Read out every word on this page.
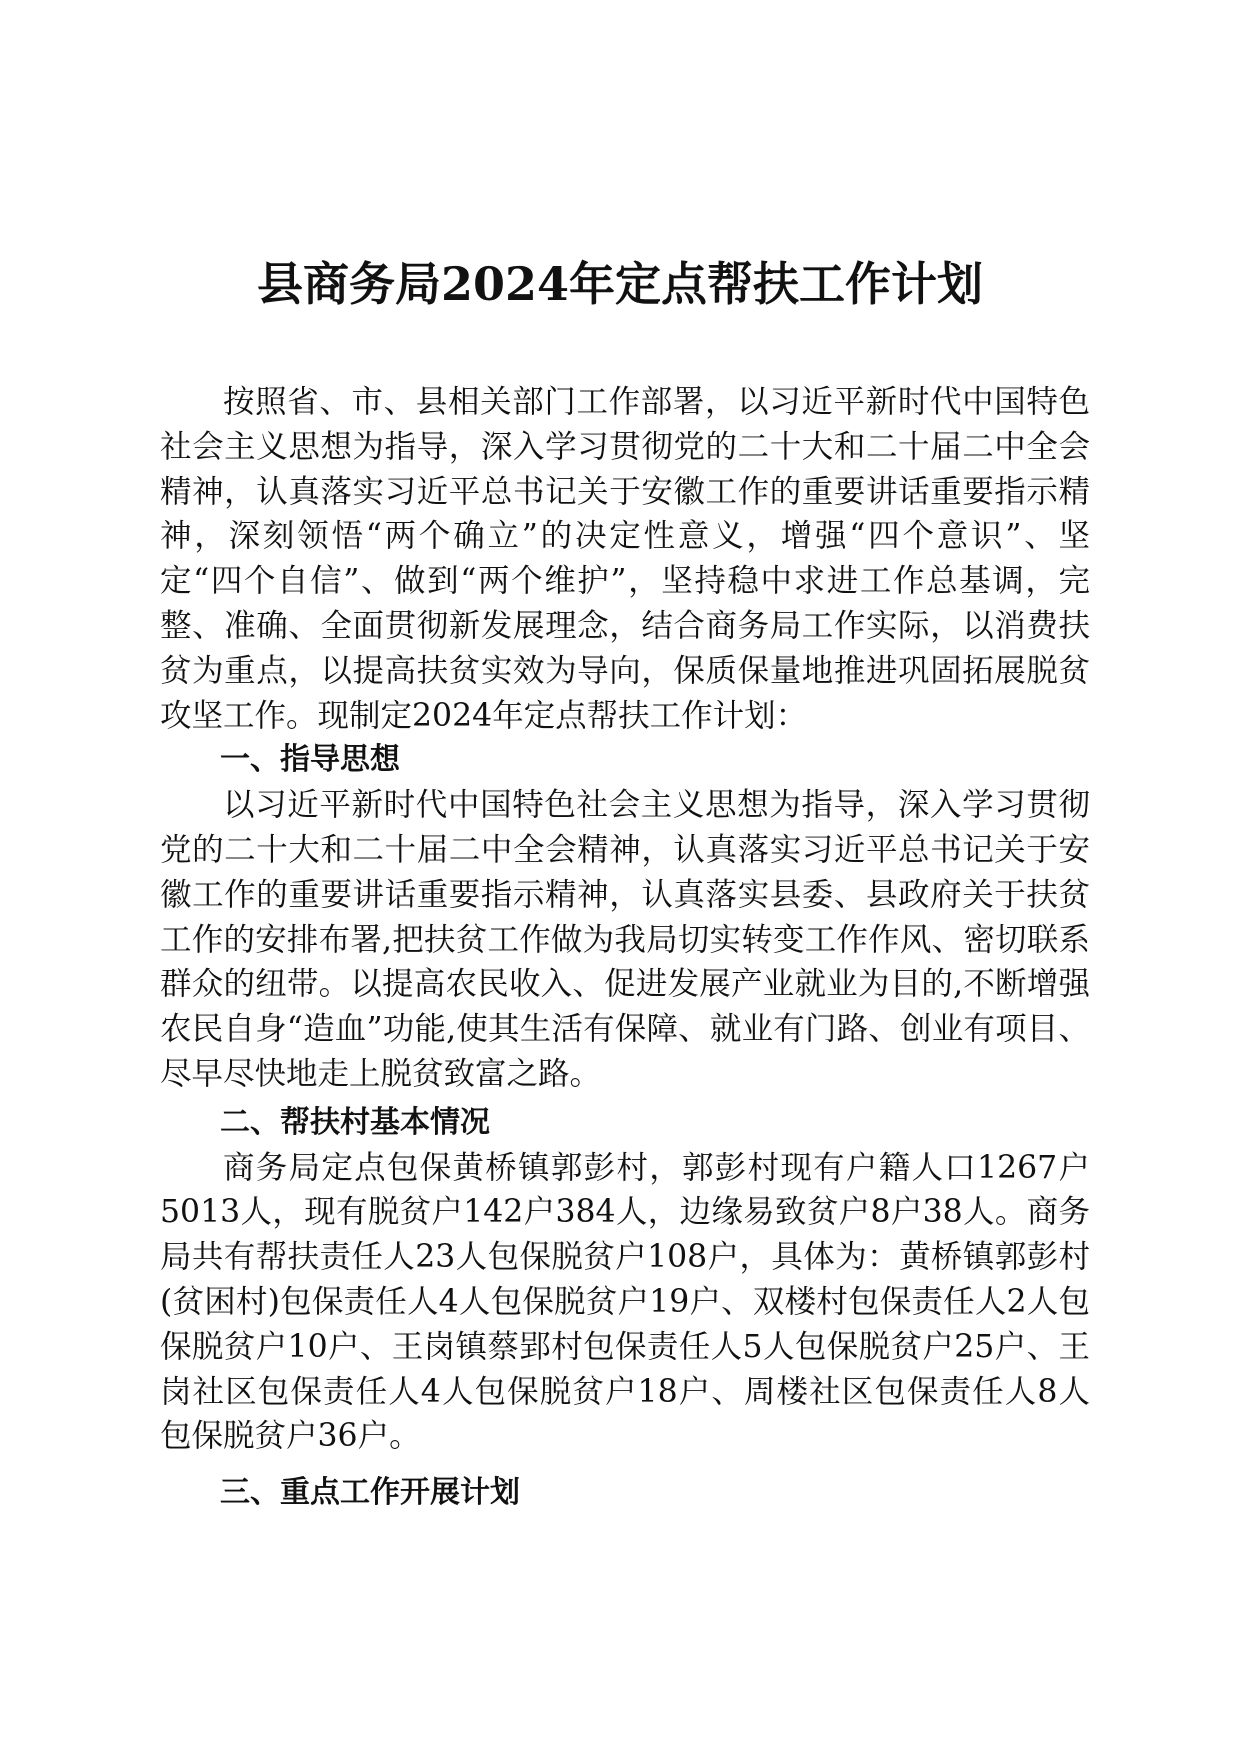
县商务局2024年定点帮扶工作计划

按照省、市、县相关部门工作部署，以习近平新时代中国特色社会主义思想为指导，深入学习贯彻党的二十大和二十届二中全会精神，认真落实习近平总书记关于安徽工作的重要讲话重要指示精神，深刻领悟“两个确立”的决定性意义，增强“四个意识”、坚定“四个自信”、做到“两个维护”，坚持稳中求进工作总基调，完整、准确、全面贯彻新发展理念，结合商务局工作实际，以消费扶贫为重点，以提高扶贫实效为导向，保质保量地推进巩固拓展脱贫攻坚工作。现制定2024年定点帮扶工作计划：

一、指导思想

以习近平新时代中国特色社会主义思想为指导，深入学习贯彻党的二十大和二十届二中全会精神，认真落实习近平总书记关于安徽工作的重要讲话重要指示精神，认真落实县委、县政府关于扶贫工作的安排布署,把扶贫工作做为我局切实转变工作作风、密切联系群众的纽带。以提高农民收入、促进发展产业就业为目的,不断增强农民自身“造血”功能,使其生活有保障、就业有门路、创业有项目、尽早尽快地走上脱贫致富之路。

二、帮扶村基本情况

商务局定点包保黄桥镇郭彭村，郭彭村现有户籍人口1267户5013人，现有脱贫户142户384人，边缘易致贫户8户38人。商务局共有帮扶责任人23人包保脱贫户108户，具体为：黄桥镇郭彭村(贫困村)包保责任人4人包保脱贫户19户、双楼村包保责任人2人包保脱贫户10户、王岗镇蔡郢村包保责任人5人包保脱贫户25户、王岗社区包保责任人4人包保脱贫户18户、周楼社区包保责任人8人包保脱贫户36户。

三、重点工作开展计划
